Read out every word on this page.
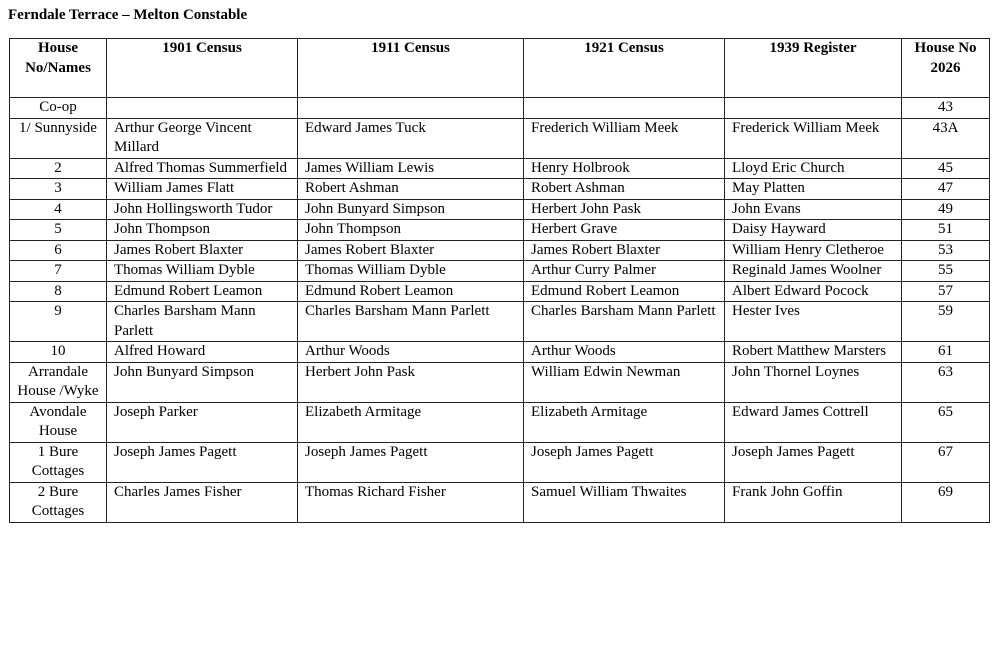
Ferndale Terrace – Melton Constable
House No/Names	1901 Census	1911 Census	1921 Census	1939 Register	House No 2026
Co-op					43
1/ Sunnyside	Arthur George Vincent Millard	Edward James Tuck	Frederich William Meek	Frederick William Meek	43A
2	Alfred Thomas Summerfield	James William Lewis	Henry Holbrook	Lloyd Eric Church	45
3	William James Flatt	Robert Ashman	Robert Ashman	May Platten	47
4	John Hollingsworth Tudor	John Bunyard Simpson	Herbert John Pask	John Evans	49
5	John Thompson	John Thompson	Herbert Grave	Daisy Hayward	51
6	James Robert Blaxter	James Robert Blaxter	James Robert Blaxter	William Henry Cletheroe	53
7	Thomas William Dyble	Thomas William Dyble	Arthur Curry Palmer	Reginald James Woolner	55
8	Edmund Robert Leamon	Edmund Robert Leamon	Edmund Robert Leamon	Albert Edward Pocock	57
9	Charles Barsham Mann Parlett	Charles Barsham Mann Parlett	Charles Barsham Mann Parlett	Hester Ives	59
10	Alfred Howard	Arthur Woods	Arthur Woods	Robert Matthew Marsters	61
Arrandale House /Wyke	John Bunyard Simpson	Herbert John Pask	William Edwin Newman	John Thornel Loynes	63
Avondale House	Joseph Parker	Elizabeth Armitage	Elizabeth Armitage	Edward James Cottrell	65
1 Bure Cottages	Joseph James Pagett	Joseph James Pagett	Joseph James Pagett	Joseph James Pagett	67
2 Bure Cottages	Charles James Fisher	Thomas Richard Fisher	Samuel William Thwaites	Frank John Goffin	69
